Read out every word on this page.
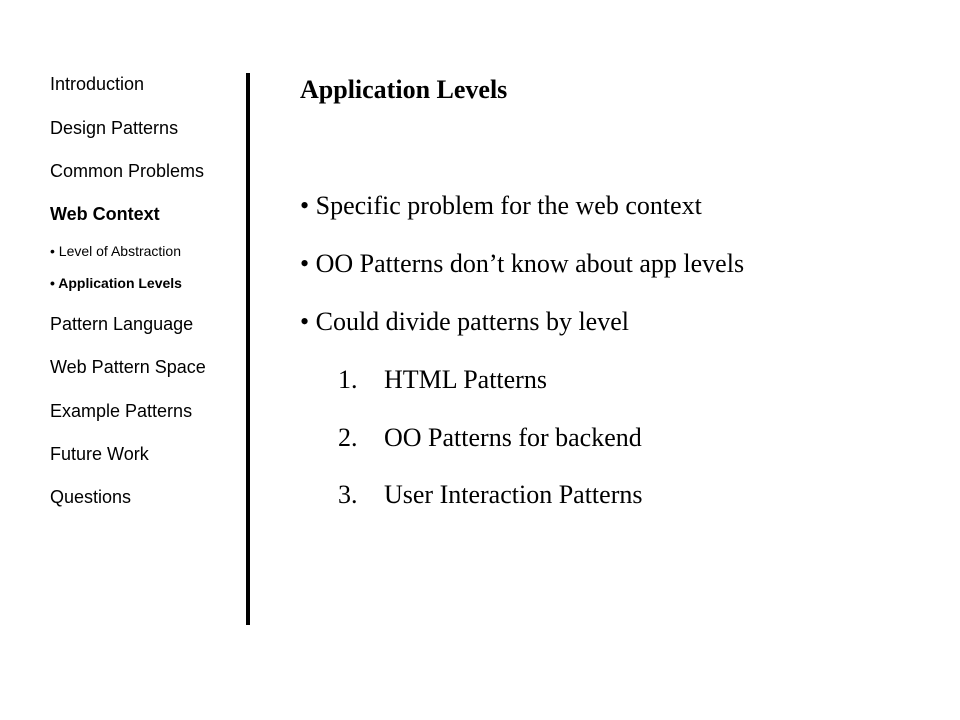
Introduction
Design Patterns
Common Problems
Web Context
• Level of Abstraction
• Application Levels
Pattern Language
Web Pattern Space
Example Patterns
Future Work
Questions
Application Levels
• Specific problem for the web context
• OO Patterns don’t know about app levels
• Could divide patterns by level
1. HTML Patterns
2. OO Patterns for backend
3. User Interaction Patterns
